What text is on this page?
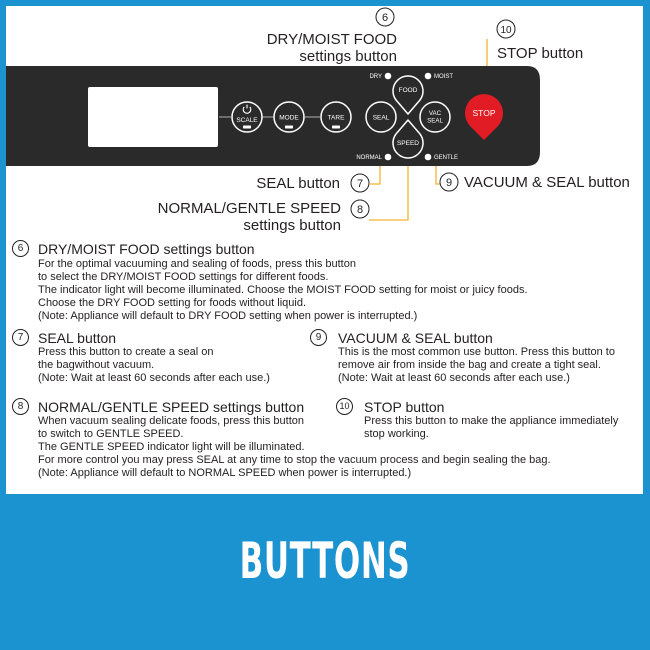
SCALE	MODE	TARE	SEAL
FOOD
SPEED
VAC
SEAL
STOP
DRY	MOIST
NORMAL	GENTLE
6
10
7	9
8
DRY/MOIST FOOD
settings button	STOP button
SEAL button	VACUUM & SEAL button
NORMAL/GENTLE SPEED
settings button
6	DRY/MOIST FOOD settings button
For the optimal vacuuming and sealing of foods, press this button
to select the DRY/MOIST FOOD settings for different foods.
The indicator light will become illuminated. Choose the MOIST FOOD setting for moist or juicy foods.
Choose the DRY FOOD setting for foods without liquid.
(Note: Appliance will default to DRY FOOD setting when power is interrupted.)
7	SEAL button
Press this button to create a seal on
the bagwithout vacuum.
(Note: Wait at least 60 seconds after each use.)
9	VACUUM & SEAL button
This is the most common use button. Press this button to
remove air from inside the bag and create a tight seal.
(Note: Wait at least 60 seconds after each use.)
8	NORMAL/GENTLE SPEED settings button
When vacuum sealing delicate foods, press this button
to switch to GENTLE SPEED.
The GENTLE SPEED indicator light will be illuminated.
For more control you may press SEAL at any time to stop the vacuum process and begin sealing the bag.
(Note: Appliance will default to NORMAL SPEED when power is interrupted.)
10 STOP button
Press this button to make the appliance immediately
stop working.
BUTTONS
